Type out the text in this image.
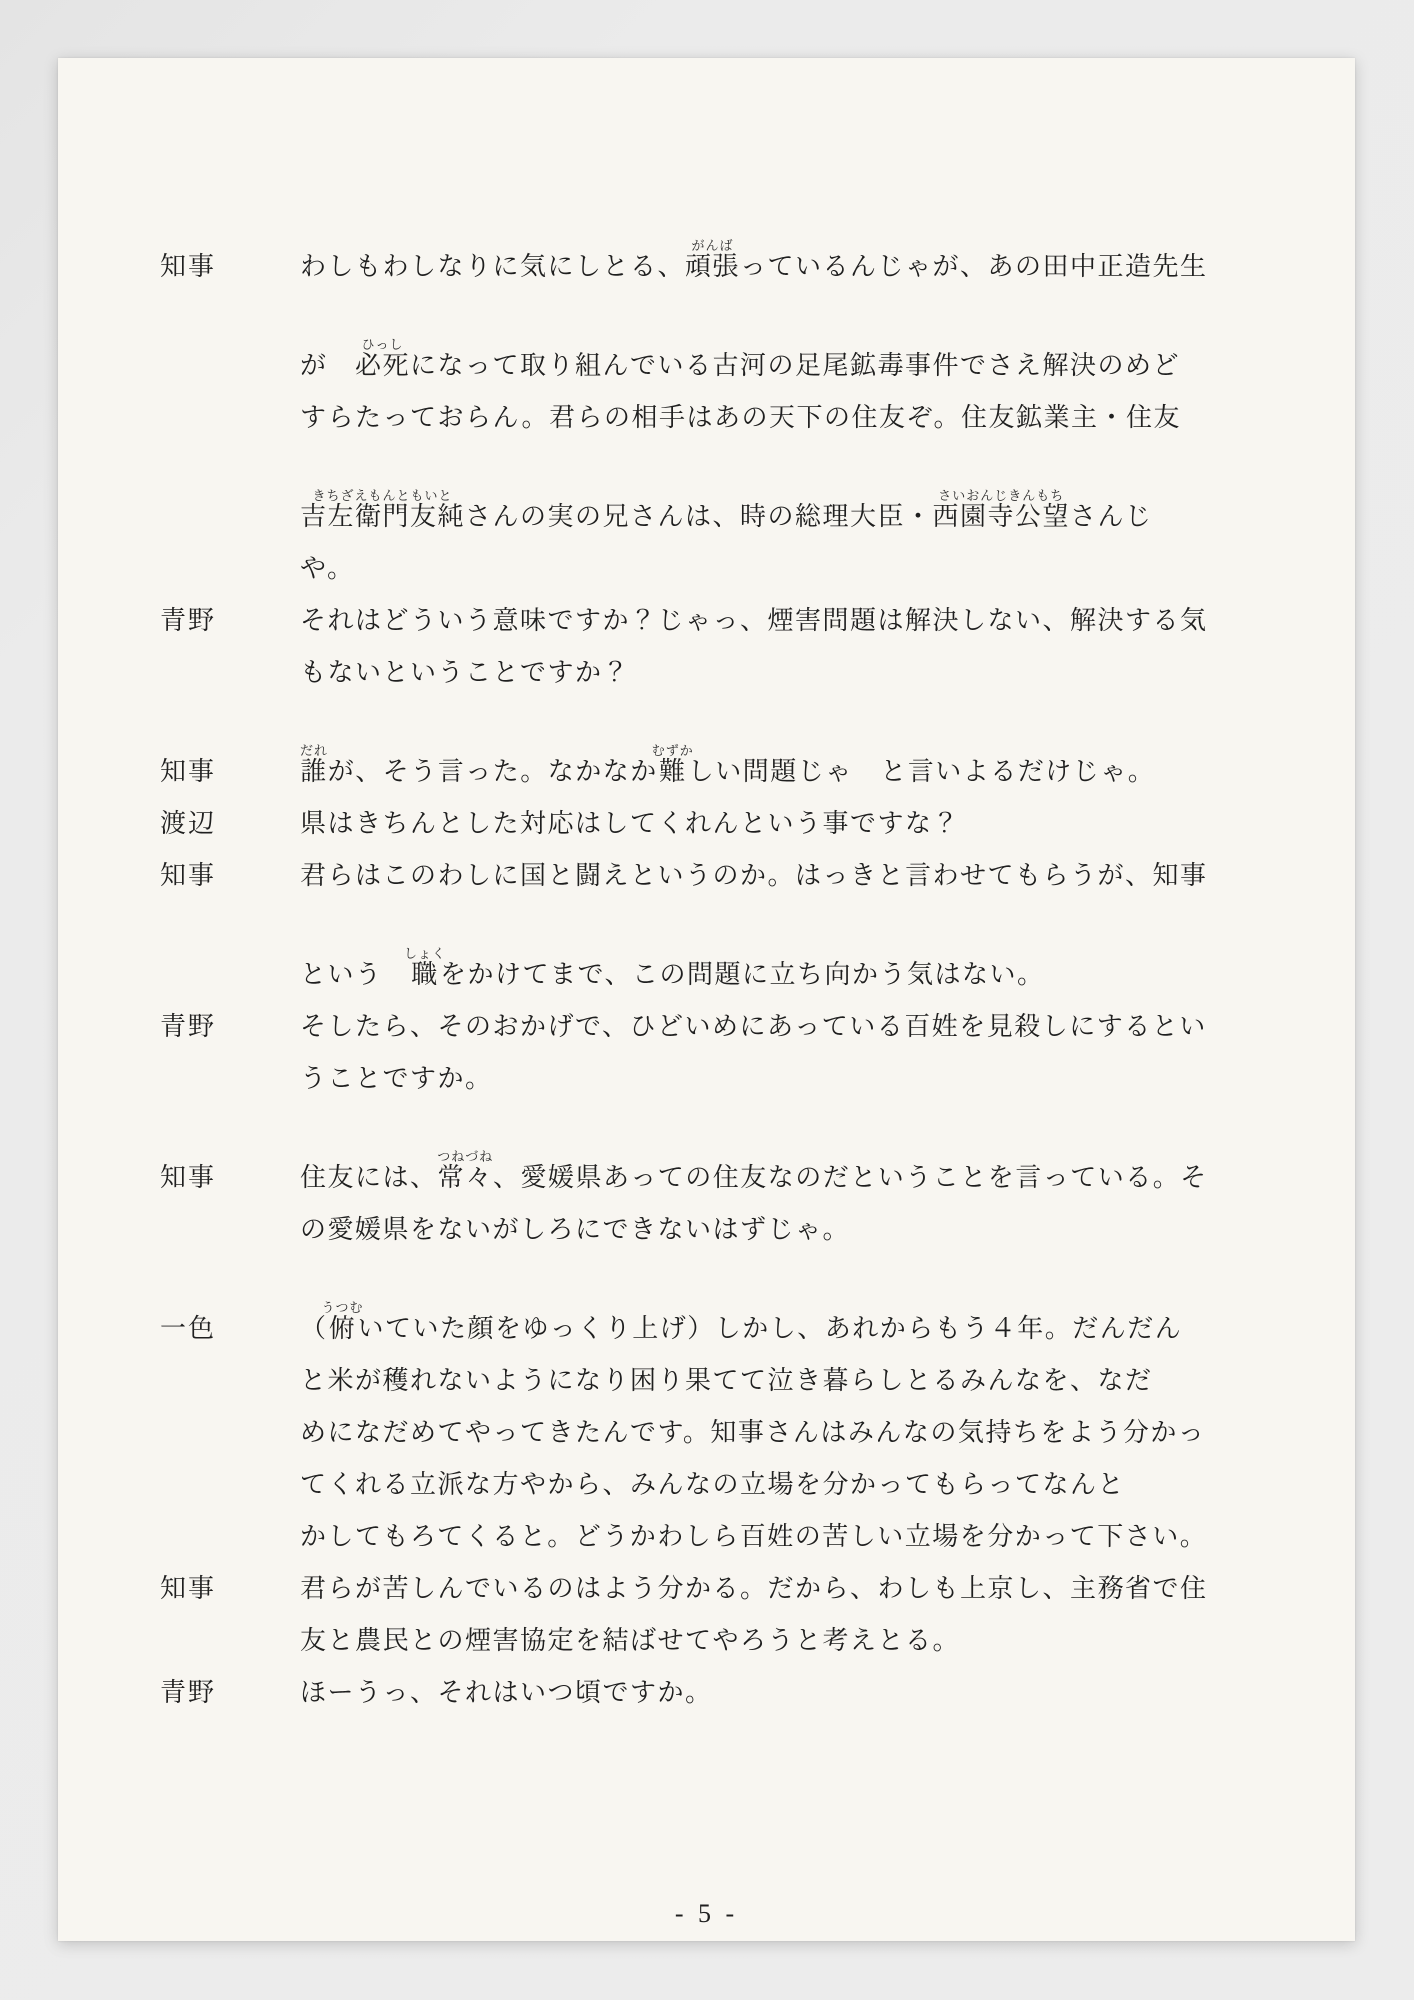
知事	わしもわしなりに気にしとる、頑張がんばっているんじゃが、あの田中正造先生
が　必死ひっしになって取り組んでいる古河の足尾鉱毒事件でさえ解決のめど
すらたっておらん。君らの相手はあの天下の住友ぞ。住友鉱業主・住友
吉左衛門友純きちざえもんともいとさんの実の兄さんは、時の総理大臣・西園寺公望さいおんじきんもちさんじ
や。
青野	それはどういう意味ですか？じゃっ、煙害問題は解決しない、解決する気
もないということですか？
知事	誰だれが、そう言った。なかなか難むずかしい問題じゃ　と言いよるだけじゃ。
渡辺	県はきちんとした対応はしてくれんという事ですな？
知事	君らはこのわしに国と闘えというのか。はっきと言わせてもらうが、知事
という　職しょくをかけてまで、この問題に立ち向かう気はない。
青野	そしたら、そのおかげで、ひどいめにあっている百姓を見殺しにするとい
うことですか。
知事	住友には、常々つねづね、愛媛県あっての住友なのだということを言っている。そ
の愛媛県をないがしろにできないはずじゃ。
一色	（俯うつむいていた顔をゆっくり上げ）しかし、あれからもう４年。だんだん
と米が穫れないようになり困り果てて泣き暮らしとるみんなを、なだ
めになだめてやってきたんです。知事さんはみんなの気持ちをよう分かっ
てくれる立派な方やから、みんなの立場を分かってもらってなんと
かしてもろてくると。どうかわしら百姓の苦しい立場を分かって下さい。
知事	君らが苦しんでいるのはよう分かる。だから、わしも上京し、主務省で住
友と農民との煙害協定を結ばせてやろうと考えとる。
青野	ほーうっ、それはいつ頃ですか。
- 5 -
